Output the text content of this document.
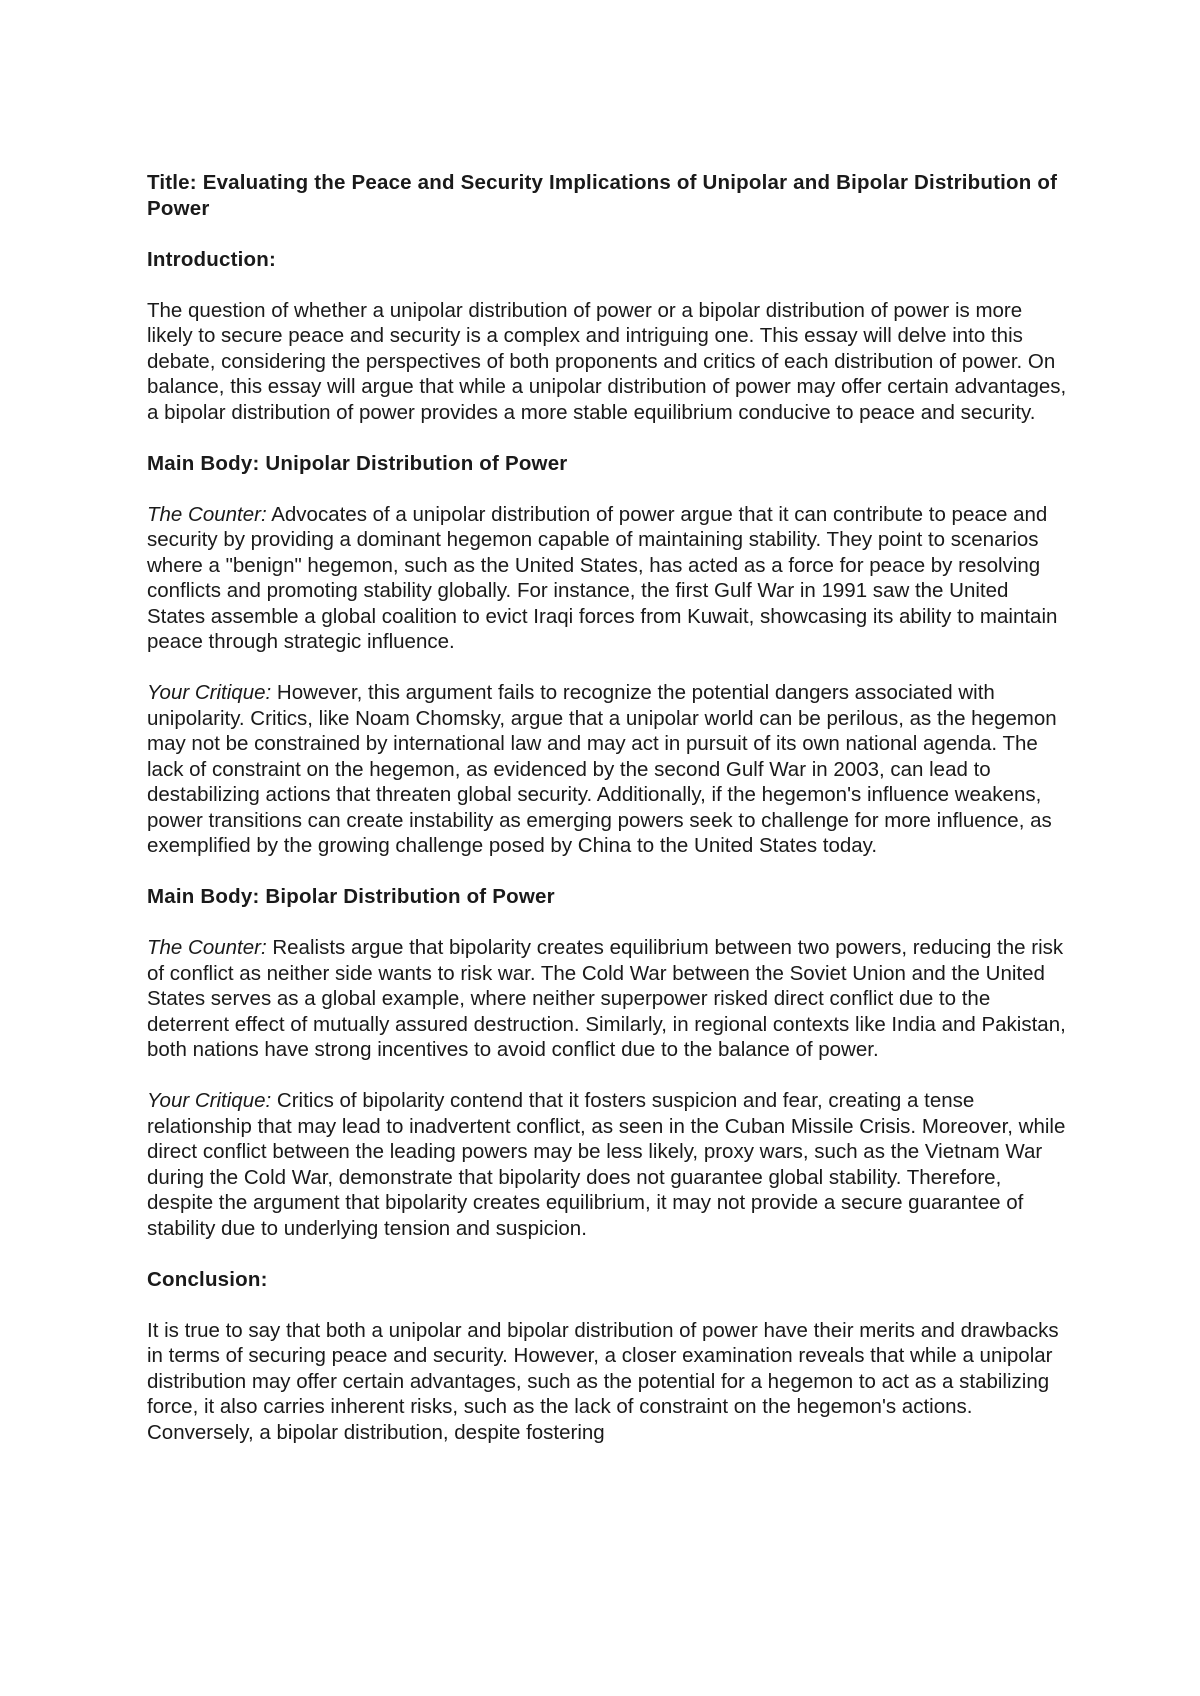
Title: Evaluating the Peace and Security Implications of Unipolar and Bipolar Distribution of Power
Introduction:
The question of whether a unipolar distribution of power or a bipolar distribution of power is more likely to secure peace and security is a complex and intriguing one. This essay will delve into this debate, considering the perspectives of both proponents and critics of each distribution of power. On balance, this essay will argue that while a unipolar distribution of power may offer certain advantages, a bipolar distribution of power provides a more stable equilibrium conducive to peace and security.
Main Body: Unipolar Distribution of Power
The Counter: Advocates of a unipolar distribution of power argue that it can contribute to peace and security by providing a dominant hegemon capable of maintaining stability. They point to scenarios where a "benign" hegemon, such as the United States, has acted as a force for peace by resolving conflicts and promoting stability globally. For instance, the first Gulf War in 1991 saw the United States assemble a global coalition to evict Iraqi forces from Kuwait, showcasing its ability to maintain peace through strategic influence.
Your Critique: However, this argument fails to recognize the potential dangers associated with unipolarity. Critics, like Noam Chomsky, argue that a unipolar world can be perilous, as the hegemon may not be constrained by international law and may act in pursuit of its own national agenda. The lack of constraint on the hegemon, as evidenced by the second Gulf War in 2003, can lead to destabilizing actions that threaten global security. Additionally, if the hegemon's influence weakens, power transitions can create instability as emerging powers seek to challenge for more influence, as exemplified by the growing challenge posed by China to the United States today.
Main Body: Bipolar Distribution of Power
The Counter: Realists argue that bipolarity creates equilibrium between two powers, reducing the risk of conflict as neither side wants to risk war. The Cold War between the Soviet Union and the United States serves as a global example, where neither superpower risked direct conflict due to the deterrent effect of mutually assured destruction. Similarly, in regional contexts like India and Pakistan, both nations have strong incentives to avoid conflict due to the balance of power.
Your Critique: Critics of bipolarity contend that it fosters suspicion and fear, creating a tense relationship that may lead to inadvertent conflict, as seen in the Cuban Missile Crisis. Moreover, while direct conflict between the leading powers may be less likely, proxy wars, such as the Vietnam War during the Cold War, demonstrate that bipolarity does not guarantee global stability. Therefore, despite the argument that bipolarity creates equilibrium, it may not provide a secure guarantee of stability due to underlying tension and suspicion.
Conclusion:
It is true to say that both a unipolar and bipolar distribution of power have their merits and drawbacks in terms of securing peace and security. However, a closer examination reveals that while a unipolar distribution may offer certain advantages, such as the potential for a hegemon to act as a stabilizing force, it also carries inherent risks, such as the lack of constraint on the hegemon's actions. Conversely, a bipolar distribution, despite fostering
